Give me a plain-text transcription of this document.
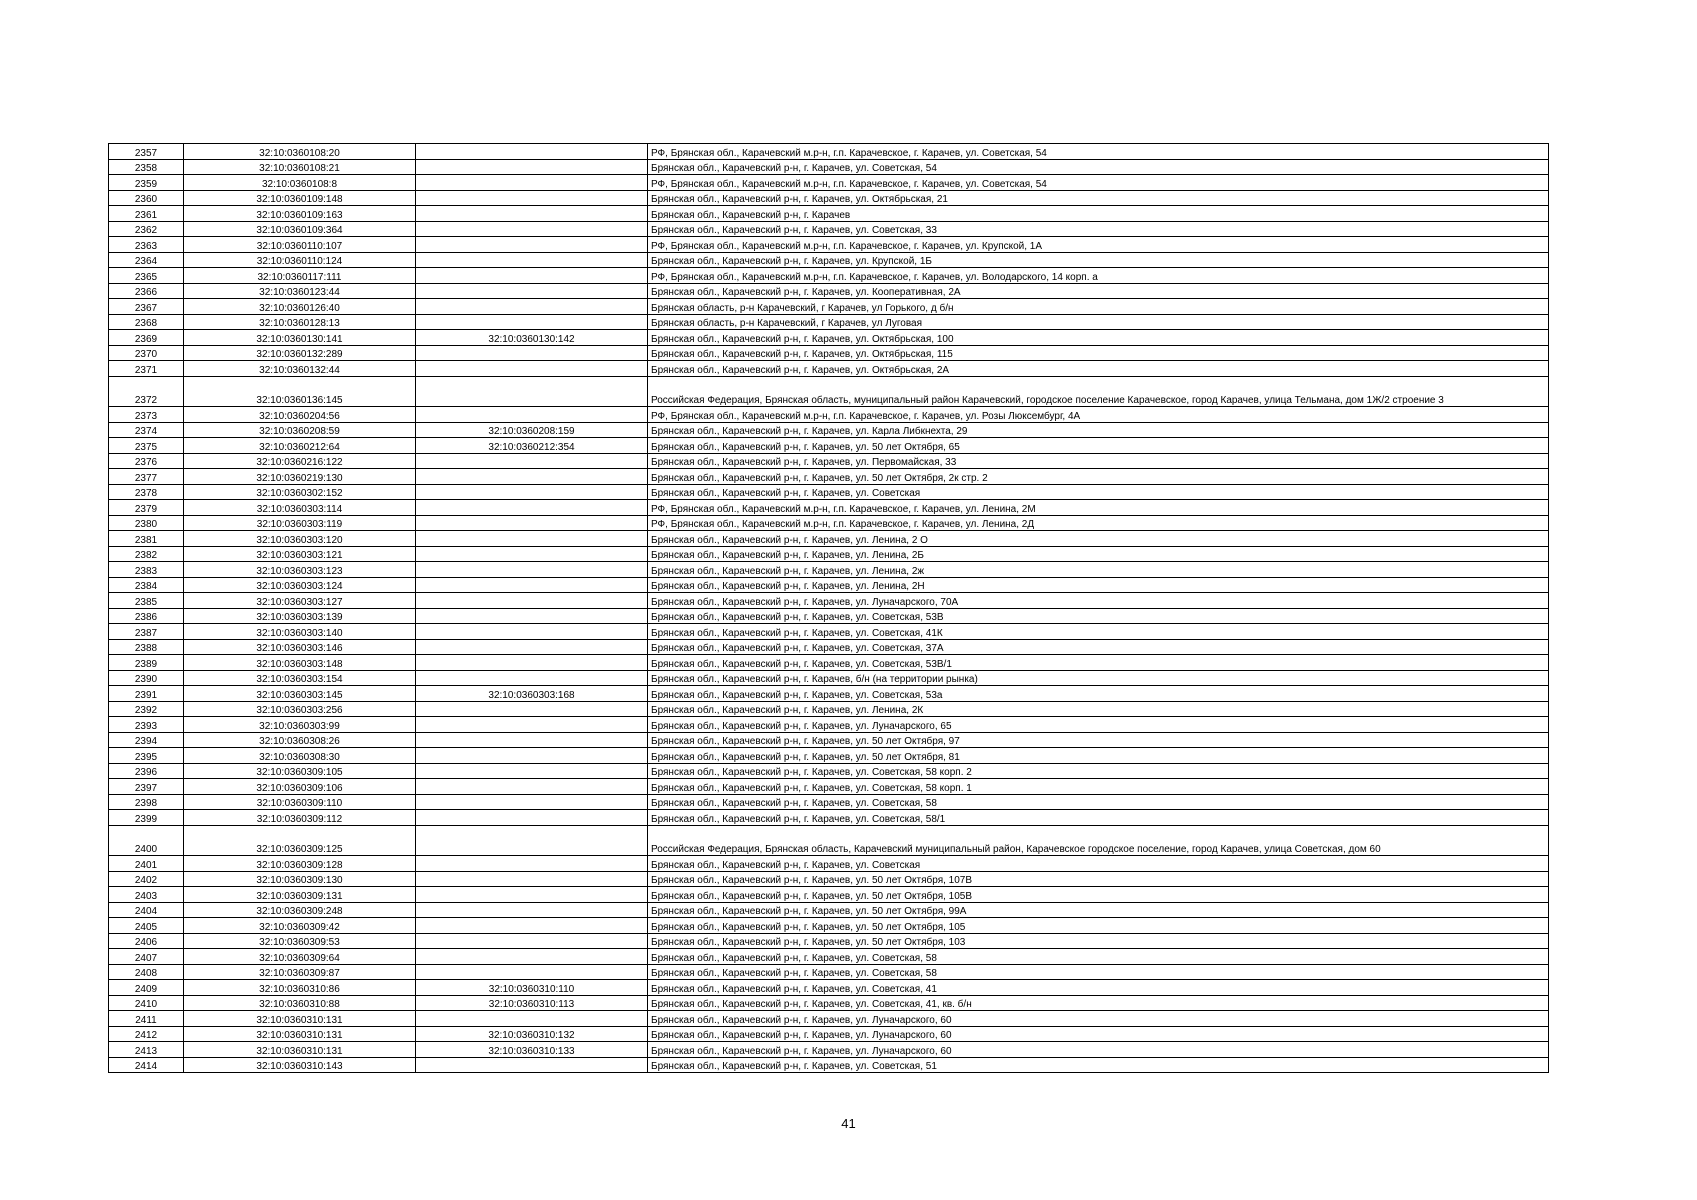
2357	32:10:0360108:20		РФ, Брянская обл., Карачевский м.р-н, г.п. Карачевское, г. Карачев, ул. Советская, 54
2358	32:10:0360108:21		Брянская обл., Карачевский р-н, г. Карачев, ул. Советская, 54
2359	32:10:0360108:8		РФ, Брянская обл., Карачевский м.р-н, г.п. Карачевское, г. Карачев, ул. Советская, 54
2360	32:10:0360109:148		Брянская обл., Карачевский р-н, г. Карачев, ул. Октябрьская, 21
2361	32:10:0360109:163		Брянская обл., Карачевский р-н, г. Карачев
2362	32:10:0360109:364		Брянская обл., Карачевский р-н, г. Карачев, ул. Советская, 33
2363	32:10:0360110:107		РФ, Брянская обл., Карачевский м.р-н, г.п. Карачевское, г. Карачев, ул. Крупской, 1А
2364	32:10:0360110:124		Брянская обл., Карачевский р-н, г. Карачев, ул. Крупской, 1Б
2365	32:10:0360117:111		РФ, Брянская обл., Карачевский м.р-н, г.п. Карачевское, г. Карачев, ул. Володарского, 14 корп. а
2366	32:10:0360123:44		Брянская обл., Карачевский р-н, г. Карачев, ул. Кооперативная, 2А
2367	32:10:0360126:40		Брянская область, р-н Карачевский, г Карачев, ул Горького, д б/н
2368	32:10:0360128:13		Брянская область, р-н Карачевский, г Карачев, ул Луговая
2369	32:10:0360130:141	32:10:0360130:142	Брянская обл., Карачевский р-н, г. Карачев, ул. Октябрьская, 100
2370	32:10:0360132:289		Брянская обл., Карачевский р-н, г. Карачев, ул. Октябрьская, 115
2371	32:10:0360132:44		Брянская обл., Карачевский р-н, г. Карачев, ул. Октябрьская, 2А
2372	32:10:0360136:145		Российская Федерация, Брянская область, муниципальный район Карачевский, городское поселение Карачевское, город Карачев, улица Тельмана, дом 1Ж/2 строение 3
2373	32:10:0360204:56		РФ, Брянская обл., Карачевский м.р-н, г.п. Карачевское, г. Карачев, ул. Розы Люксембург, 4А
2374	32:10:0360208:59	32:10:0360208:159	Брянская обл., Карачевский р-н, г. Карачев, ул. Карла Либкнехта, 29
2375	32:10:0360212:64	32:10:0360212:354	Брянская обл., Карачевский р-н, г. Карачев, ул. 50 лет Октября, 65
2376	32:10:0360216:122		Брянская обл., Карачевский р-н, г. Карачев, ул. Первомайская, 33
2377	32:10:0360219:130		Брянская обл., Карачевский р-н, г. Карачев, ул. 50 лет Октября, 2к стр. 2
2378	32:10:0360302:152		Брянская обл., Карачевский р-н, г. Карачев, ул. Советская
2379	32:10:0360303:114		РФ, Брянская обл., Карачевский м.р-н, г.п. Карачевское, г. Карачев, ул. Ленина, 2М
2380	32:10:0360303:119		РФ, Брянская обл., Карачевский м.р-н, г.п. Карачевское, г. Карачев, ул. Ленина, 2Д
2381	32:10:0360303:120		Брянская обл., Карачевский р-н, г. Карачев, ул. Ленина, 2 О
2382	32:10:0360303:121		Брянская обл., Карачевский р-н, г. Карачев, ул. Ленина, 2Б
2383	32:10:0360303:123		Брянская обл., Карачевский р-н, г. Карачев, ул. Ленина, 2ж
2384	32:10:0360303:124		Брянская обл., Карачевский р-н, г. Карачев, ул. Ленина, 2Н
2385	32:10:0360303:127		Брянская обл., Карачевский р-н, г. Карачев, ул. Луначарского, 70А
2386	32:10:0360303:139		Брянская обл., Карачевский р-н, г. Карачев, ул. Советская, 53В
2387	32:10:0360303:140		Брянская обл., Карачевский р-н, г. Карачев, ул. Советская, 41К
2388	32:10:0360303:146		Брянская обл., Карачевский р-н, г. Карачев, ул. Советская, 37А
2389	32:10:0360303:148		Брянская обл., Карачевский р-н, г. Карачев, ул. Советская, 53В/1
2390	32:10:0360303:154		Брянская обл., Карачевский р-н, г. Карачев, б/н (на территории рынка)
2391	32:10:0360303:145	32:10:0360303:168	Брянская обл., Карачевский р-н, г. Карачев, ул. Советская, 53а
2392	32:10:0360303:256		Брянская обл., Карачевский р-н, г. Карачев, ул. Ленина, 2К
2393	32:10:0360303:99		Брянская обл., Карачевский р-н, г. Карачев, ул. Луначарского, 65
2394	32:10:0360308:26		Брянская обл., Карачевский р-н, г. Карачев, ул. 50 лет Октября, 97
2395	32:10:0360308:30		Брянская обл., Карачевский р-н, г. Карачев, ул. 50 лет Октября, 81
2396	32:10:0360309:105		Брянская обл., Карачевский р-н, г. Карачев, ул. Советская, 58 корп. 2
2397	32:10:0360309:106		Брянская обл., Карачевский р-н, г. Карачев, ул. Советская, 58 корп. 1
2398	32:10:0360309:110		Брянская обл., Карачевский р-н, г. Карачев, ул. Советская, 58
2399	32:10:0360309:112		Брянская обл., Карачевский р-н, г. Карачев, ул. Советская, 58/1
2400	32:10:0360309:125		Российская Федерация, Брянская область, Карачевский муниципальный район, Карачевское городское поселение, город Карачев, улица Советская, дом 60
2401	32:10:0360309:128		Брянская обл., Карачевский р-н, г. Карачев, ул. Советская
2402	32:10:0360309:130		Брянская обл., Карачевский р-н, г. Карачев, ул. 50 лет Октября, 107В
2403	32:10:0360309:131		Брянская обл., Карачевский р-н, г. Карачев, ул. 50 лет Октября, 105В
2404	32:10:0360309:248		Брянская обл., Карачевский р-н, г. Карачев, ул. 50 лет Октября, 99А
2405	32:10:0360309:42		Брянская обл., Карачевский р-н, г. Карачев, ул. 50 лет Октября, 105
2406	32:10:0360309:53		Брянская обл., Карачевский р-н, г. Карачев, ул. 50 лет Октября, 103
2407	32:10:0360309:64		Брянская обл., Карачевский р-н, г. Карачев, ул. Советская, 58
2408	32:10:0360309:87		Брянская обл., Карачевский р-н, г. Карачев, ул. Советская, 58
2409	32:10:0360310:86	32:10:0360310:110	Брянская обл., Карачевский р-н, г. Карачев, ул. Советская, 41
2410	32:10:0360310:88	32:10:0360310:113	Брянская обл., Карачевский р-н, г. Карачев, ул. Советская, 41, кв. б/н
2411	32:10:0360310:131		Брянская обл., Карачевский р-н, г. Карачев, ул. Луначарского, 60
2412	32:10:0360310:131	32:10:0360310:132	Брянская обл., Карачевский р-н, г. Карачев, ул. Луначарского, 60
2413	32:10:0360310:131	32:10:0360310:133	Брянская обл., Карачевский р-н, г. Карачев, ул. Луначарского, 60
2414	32:10:0360310:143		Брянская обл., Карачевский р-н, г. Карачев, ул. Советская, 51
41
